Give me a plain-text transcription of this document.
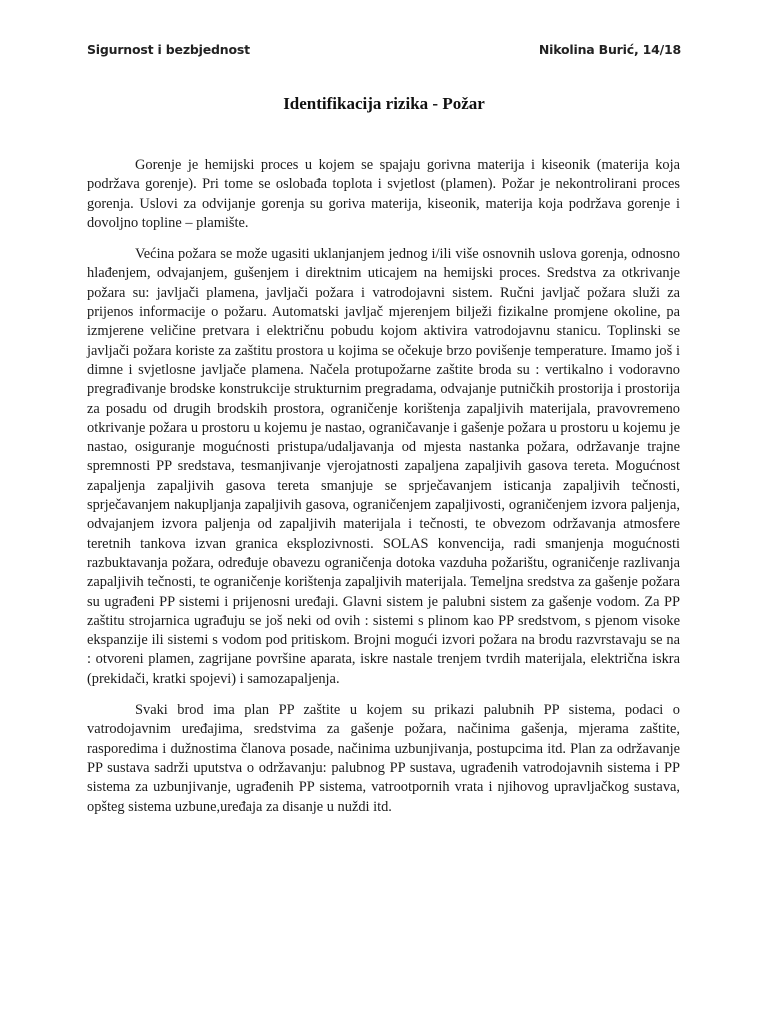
Sigurnost i bezbjednost	Nikolina Burić, 14/18
Identifikacija rizika - Požar

Gorenje je hemijski proces u kojem se spajaju gorivna materija i kiseonik (materija koja podržava gorenje). Pri tome se oslobađa toplota i svjetlost (plamen). Požar je nekontrolirani proces gorenja. Uslovi za odvijanje gorenja su goriva materija, kiseonik, materija koja podržava gorenje i dovoljno topline – plamište.

Većina požara se može ugasiti uklanjanjem jednog i/ili više osnovnih uslova gorenja, odnosno hlađenjem, odvajanjem, gušenjem i direktnim uticajem na hemijski proces. Sredstva za otkrivanje požara su: javljači plamena, javljači požara i vatrodojavni sistem. Ručni javljač požara služi za prijenos informacije o požaru. Automatski javljač mjerenjem bilježi fizikalne promjene okoline, pa izmjerene veličine pretvara i električnu pobudu kojom aktivira vatrodojavnu stanicu. Toplinski se javljači požara koriste za zaštitu prostora u kojima se očekuje brzo povišenje temperature. Imamo još i dimne i svjetlosne javljače plamena. Načela protupožarne zaštite broda su : vertikalno i vodoravno pregrađivanje brodske konstrukcije strukturnim pregradama, odvajanje putničkih prostorija i prostorija za posadu od drugih brodskih prostora, ograničenje korištenja zapaljivih materijala, pravovremeno otkrivanje požara u prostoru u kojemu je nastao, ograničavanje i gašenje požara u prostoru u kojemu je nastao, osiguranje mogućnosti pristupa/udaljavanja od mjesta nastanka požara, održavanje trajne spremnosti PP sredstava, tesmanjivanje vjerojatnosti zapaljena zapaljivih gasova tereta. Mogućnost zapaljenja zapaljivih gasova tereta smanjuje se sprječavanjem isticanja zapaljivih tečnosti, sprječavanjem nakupljanja zapaljivih gasova, ograničenjem zapaljivosti, ograničenjem izvora paljenja, odvajanjem izvora paljenja od zapaljivih materijala i tečnosti, te obvezom održavanja atmosfere teretnih tankova izvan granica eksplozivnosti. SOLAS konvencija, radi smanjenja mogućnosti razbuktavanja požara, određuje obavezu ograničenja dotoka vazduha požarištu, ograničenje razlivanja zapaljivih tečnosti, te ograničenje korištenja zapaljivih materijala. Temeljna sredstva za gašenje požara su ugrađeni PP sistemi i prijenosni uređaji. Glavni sistem je palubni sistem za gašenje vodom. Za PP zaštitu strojarnica ugrađuju se još neki od ovih : sistemi s plinom kao PP sredstvom, s pjenom visoke ekspanzije ili sistemi s vodom pod pritiskom. Brojni mogući izvori požara na brodu razvrstavaju se na : otvoreni plamen, zagrijane površine aparata, iskre nastale trenjem tvrdih materijala, električna iskra (prekidači, kratki spojevi) i samozapaljenja.

Svaki brod ima plan PP zaštite u kojem su prikazi palubnih PP sistema, podaci o vatrodojavnim uređajima, sredstvima za gašenje požara, načinima gašenja, mjerama zaštite, rasporedima i dužnostima članova posade, načinima uzbunjivanja, postupcima itd. Plan za održavanje PP sustava sadrži uputstva o održavanju: palubnog PP sustava, ugrađenih vatrodojavnih sistema i PP sistema za uzbunjivanje, ugrađenih PP sistema, vatrootpornih vrata i njihovog upravljačkog sustava, opšteg sistema uzbune,uređaja za disanje u nuždi itd.
